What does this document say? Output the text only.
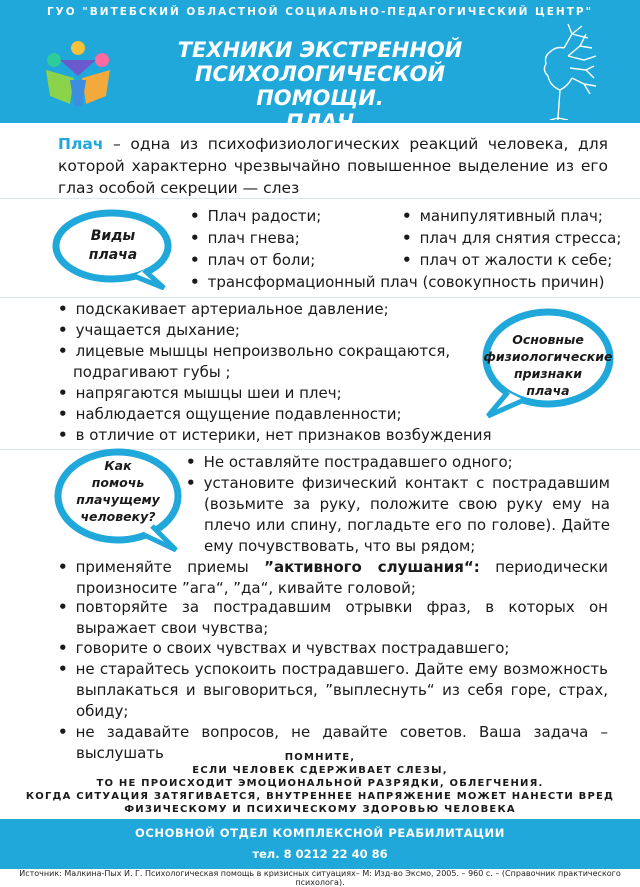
ГУО "ВИТЕБСКИЙ ОБЛАСТНОЙ СОЦИАЛЬНО-ПЕДАГОГИЧЕСКИЙ ЦЕНТР"
ТЕХНИКИ ЭКСТРЕННОЙ
ПСИХОЛОГИЧЕСКОЙ ПОМОЩИ.
ПЛАЧ
Плач – одна из психофизиологических реакций человека, для которой характерно чрезвычайно повышенное выделение из его глаз особой секреции — слез
Виды
плача
• Плач радости;
• плач гнева;
• плач от боли;
• манипулятивный плач;
• плач для снятия стресса;
• плач от жалости к себе;
• трансформационный плач (совокупность причин)
• подскакивает артериальное давление;
• учащается дыхание;
• лицевые мышцы непроизвольно сокращаются,
подрагивают губы ;
• напрягаются мышцы шеи и плеч;
• наблюдается ощущение подавленности;
• в отличие от истерики, нет признаков возбуждения
Основные
физиологические
признаки
плача
Как
помочь
плачущему
человеку?
• Не оставляйте пострадавшего одного;
• установите физический контакт с пострадавшим (возьмите за руку, положите свою руку ему на плечо или спину, погладьте его по голове). Дайте ему почувствовать, что вы рядом;
• применяйте приемы ”активного слушания“: периодически произносите ”ага“, ”да“, кивайте головой;
• повторяйте за пострадавшим отрывки фраз, в которых он выражает свои чувства;
• говорите о своих чувствах и чувствах пострадавшего;
• не старайтесь успокоить пострадавшего. Дайте ему возможность выплакаться и выговориться, ”выплеснуть“ из себя горе, страх, обиду;
• не задавайте вопросов, не давайте советов. Ваша задача – выслушать	ПОМНИТЕ,
ЕСЛИ ЧЕЛОВЕК СДЕРЖИВАЕТ СЛЕЗЫ,
ТО НЕ ПРОИСХОДИТ ЭМОЦИОНАЛЬНОЙ РАЗРЯДКИ, ОБЛЕГЧЕНИЯ.
КОГДА СИТУАЦИЯ ЗАТЯГИВАЕТСЯ, ВНУТРЕННЕЕ НАПРЯЖЕНИЕ МОЖЕТ НАНЕСТИ ВРЕД
ФИЗИЧЕСКОМУ И ПСИХИЧЕСКОМУ ЗДОРОВЬЮ ЧЕЛОВЕКА
ОСНОВНОЙ ОТДЕЛ КОМПЛЕКСНОЙ РЕАБИЛИТАЦИИ
тел. 8 0212 22 40 86
Источник: Малкина-Пых И. Г. Психологическая помощь в кризисных ситуациях– М: Изд-во Эксмо, 2005. – 960 с. – (Справочник практического психолога).
